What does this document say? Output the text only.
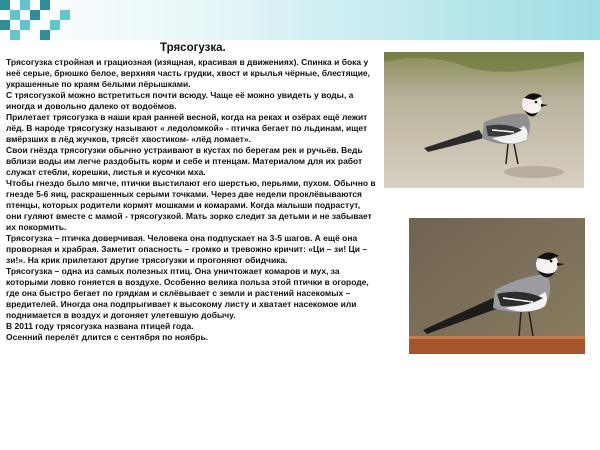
Трясогузка.

Трясогузка стройная и грациозная (изящная, красивая в движениях). Спинка и бока у неё серые, брюшко белое, верхняя часть грудки, хвост и крылья чёрные, блестящие, украшенные по краям белыми пёрышками.

С трясогузкой можно встретиться почти всюду. Чаще её можно увидеть у воды, а иногда и довольно далеко от водоёмов.

Прилетает трясогузка в наши края ранней весной, когда на реках и озёрах ещё лежит лёд. В народе трясогузку называют « ледоломкой» - птичка бегает по льдинам, ищет вмёрзших в лёд жучков, трясёт хвостиком- «лёд ломает».

Свои гнёзда трясогузки обычно устраивают в кустах по берегам рек и ручьёв. Ведь вблизи воды им легче раздобыть корм и себе и птенцам. Материалом для их работ служат стебли, корешки, листья и кусочки мха.

Чтобы гнездо было мягче, птички выстилают его шерстью, перьями, пухом. Обычно в гнезде 5-6 яиц, раскрашенных серыми точками. Через две недели проклёвываются птенцы, которых родители кормят мошками и комарами. Когда малыши подрастут, они гуляют вместе с мамой - трясогузкой. Мать зорко следит за детьми и не забывает их покормить.

Трясогузка – птичка доверчивая. Человека она подпускает на 3-5 шагов. А ещё она проворная и храбрая. Заметит опасность – громко и тревожно кричит: «Ци – зи! Ци – зи!». На крик прилетают другие трясогузки и прогоняют обидчика.

Трясогузка – одна из самых полезных птиц. Она уничтожает комаров и мух, за которыми ловко гоняется в воздухе. Особенно велика польза этой птички в огороде, где она быстро бегает по грядкам и склёвывает с земли и растений насекомых – вредителей. Иногда она подпрыгивает к высокому листу и хватает насекомое или поднимается в воздух и догоняет улетевшую добычу.

В 2011 году трясогузка названа птицей года.

Осенний перелёт длится с сентября по ноябрь.
